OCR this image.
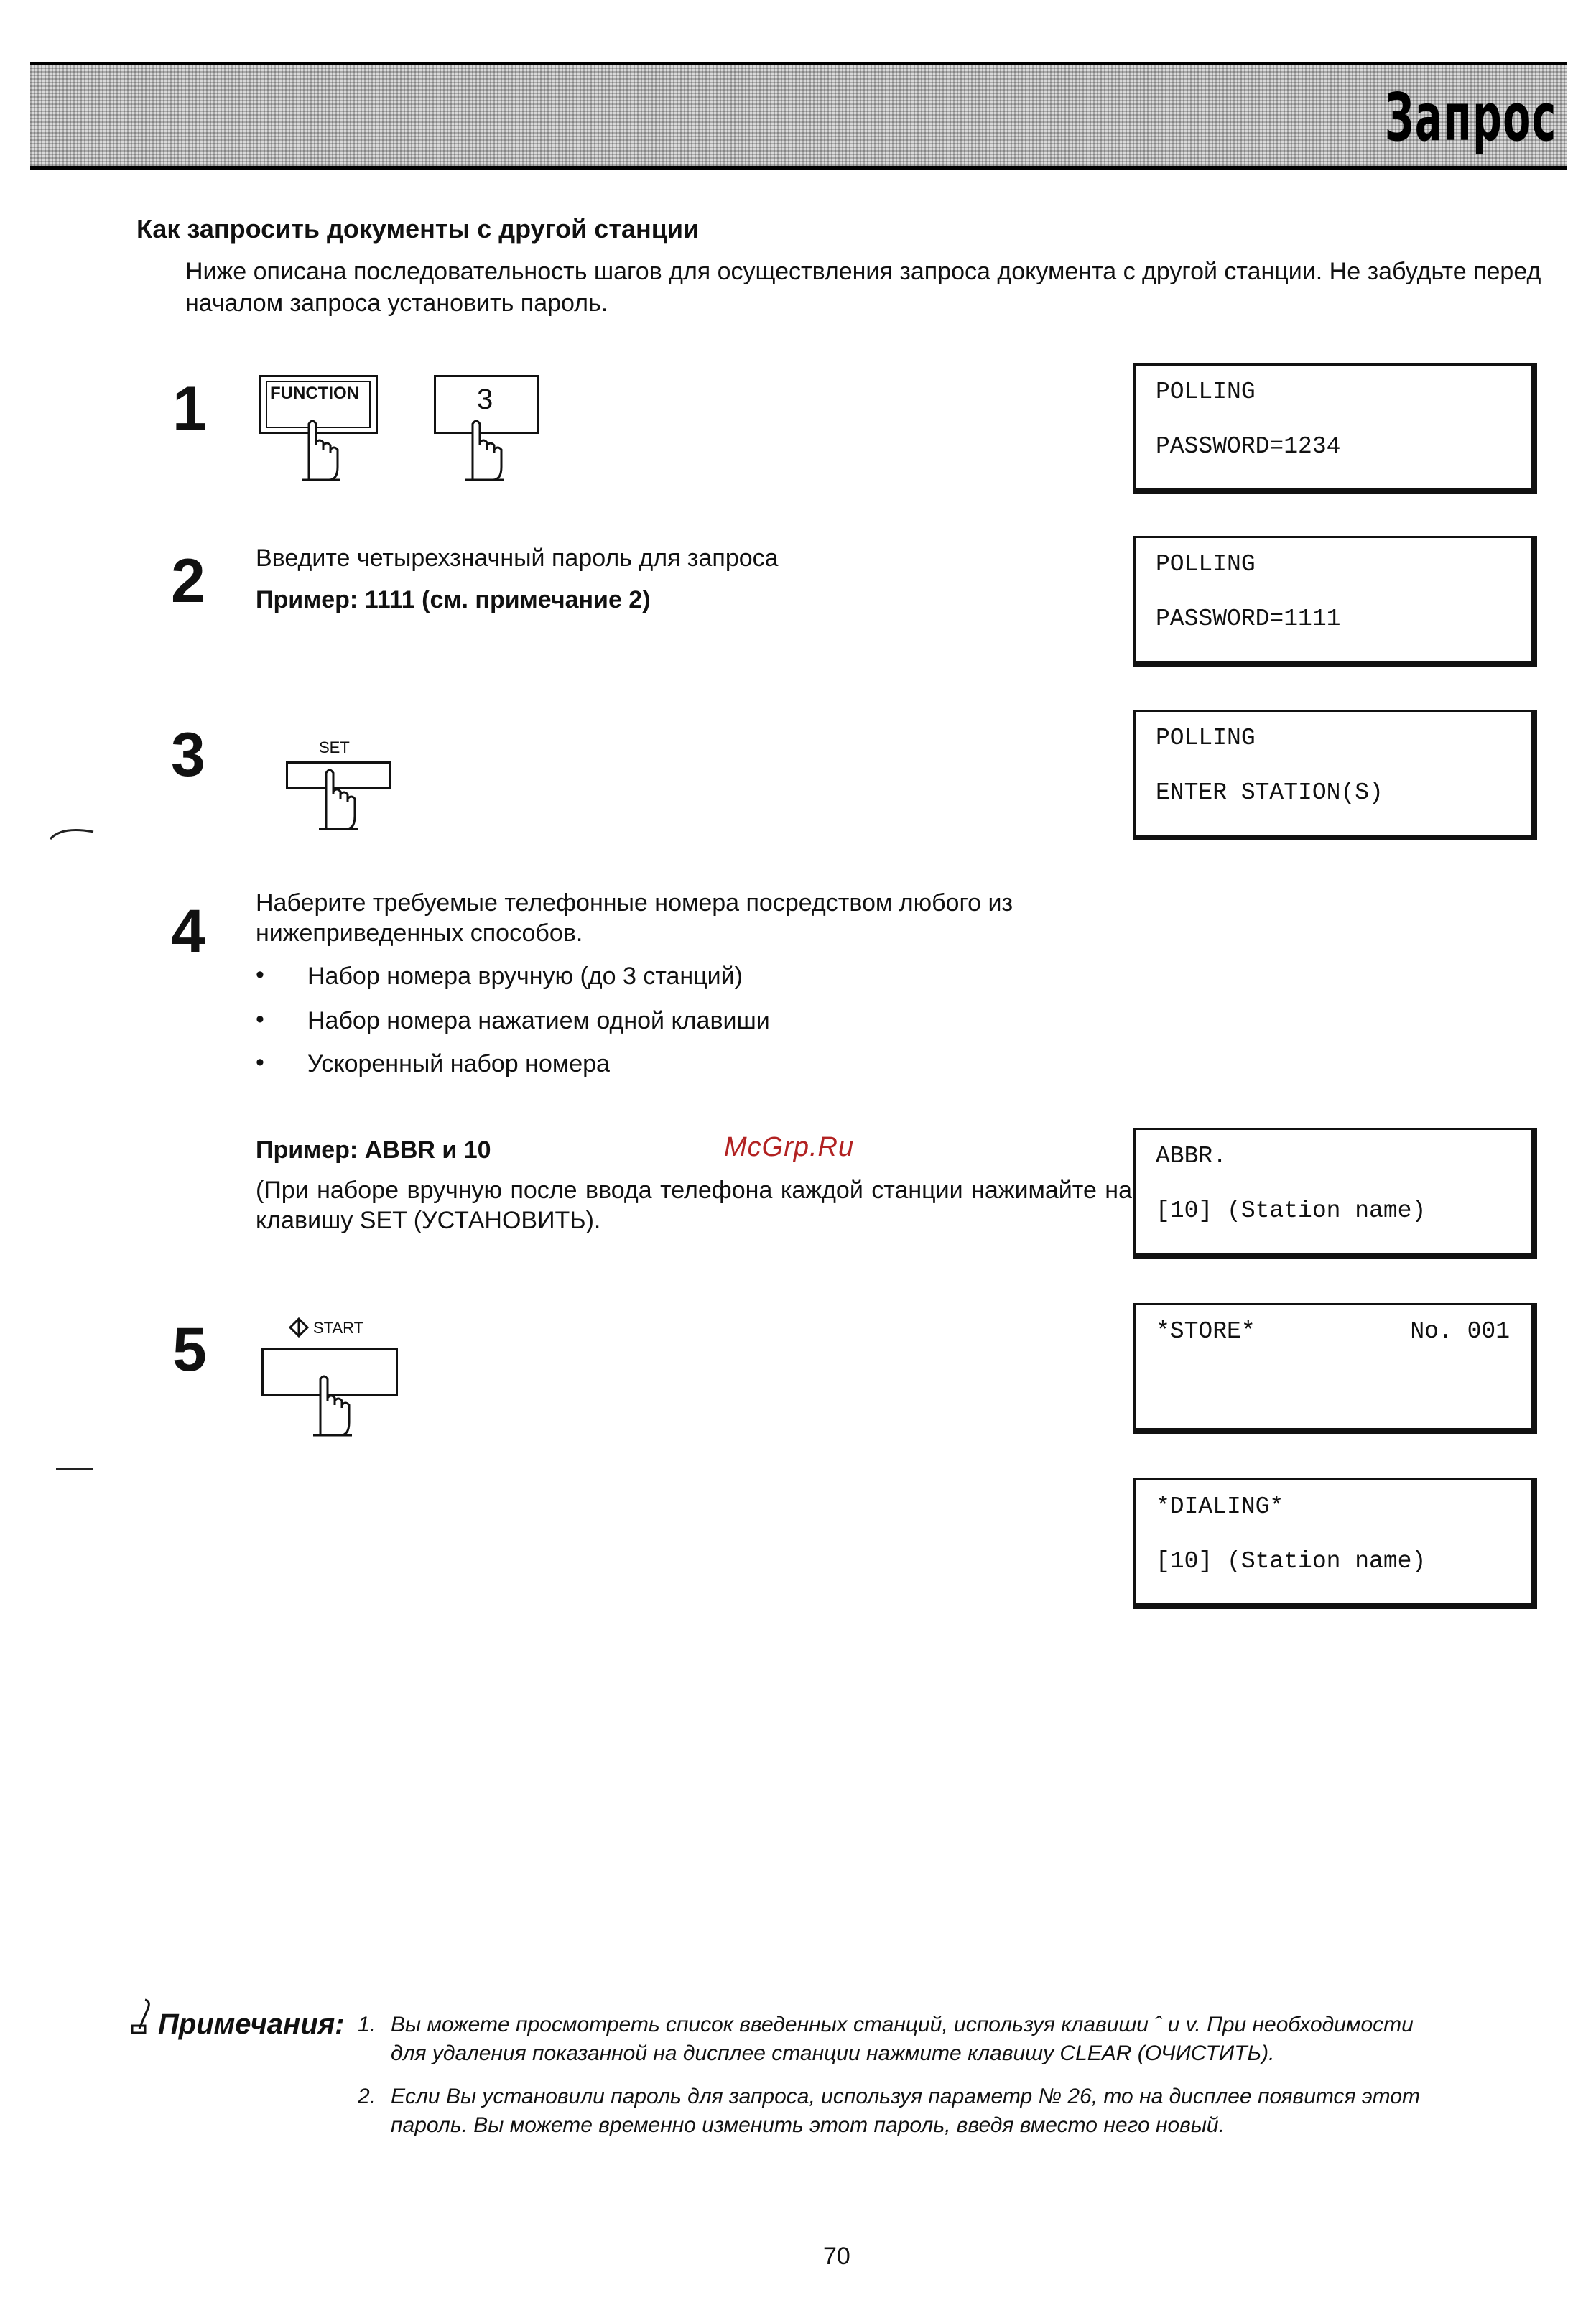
Запрос
Как запросить документы с другой станции
Ниже описана последовательность шагов для осуществления запроса документа с другой станции. Не забудьте перед началом запроса установить пароль.
1	FUNCTION	3	POLLING
PASSWORD=1234
2 Введите четырехзначный пароль для запроса
Пример: 1111 (см. примечание 2)
POLLING
PASSWORD=1111
3	SET	POLLING
ENTER STATION(S)
4 Наберите требуемые телефонные номера посредством любого из нижеприведенных способов.
• Набор номера вручную (до 3 станций)
• Набор номера нажатием одной клавиши
• Ускоренный набор номера
Пример: ABBR и 10	McGrp.Ru
(При наборе вручную после ввода телефона каждой станции нажимайте на клавишу SET (УСТАНОВИТЬ).
ABBR.
[10] (Station name)
5	START	*STORE*	No. 001
*DIALING*
[10] (Station name)
Примечания: 1. Вы можете просмотреть список введенных станций, используя клавиши ˆ и v. При необходимости
для удаления показанной на дисплее станции нажмите клавишу CLEAR (ОЧИСТИТЬ).
2. Если Вы установили пароль для запроса, используя параметр № 26, то на дисплее появится этот
пароль. Вы можете временно изменить этот пароль, введя вместо него новый.
70
